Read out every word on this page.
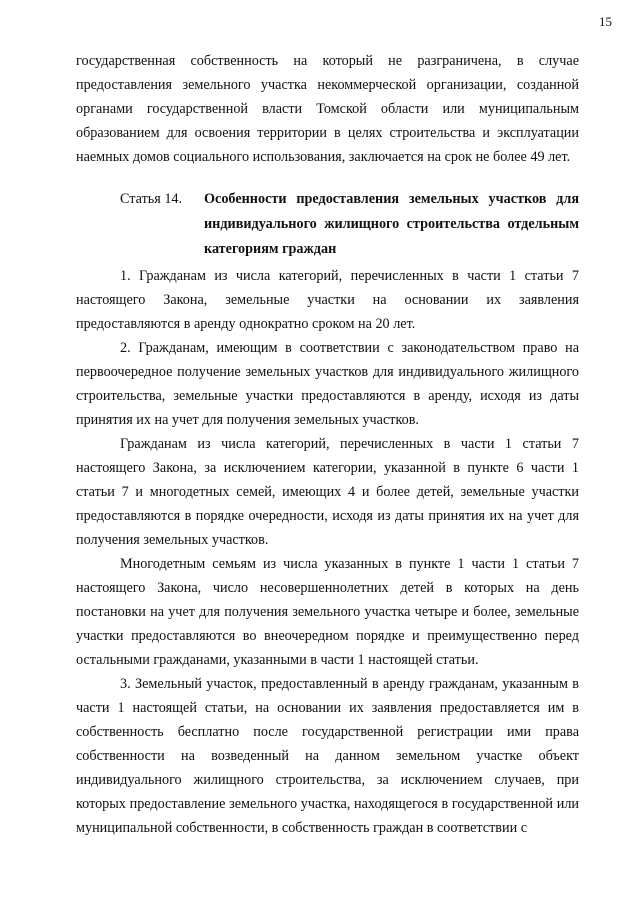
15

государственная собственность на который не разграничена, в случае предоставления земельного участка некоммерческой организации, созданной органами государственной власти Томской области или муниципальным образованием для освоения территории в целях строительства и эксплуатации наемных домов социального использования, заключается на срок не более 49 лет.

Статья 14.	Особенности предоставления земельных участков для индивидуального жилищного строительства отдельным категориям граждан

1. Гражданам из числа категорий, перечисленных в части 1 статьи 7 настоящего Закона, земельные участки на основании их заявления предоставляются в аренду однократно сроком на 20 лет.

2. Гражданам, имеющим в соответствии с законодательством право на первоочередное получение земельных участков для индивидуального жилищного строительства, земельные участки предоставляются в аренду, исходя из даты принятия их на учет для получения земельных участков.

Гражданам из числа категорий, перечисленных в части 1 статьи 7 настоящего Закона, за исключением категории, указанной в пункте 6 части 1 статьи 7 и многодетных семей, имеющих 4 и более детей, земельные участки предоставляются в порядке очередности, исходя из даты принятия их на учет для получения земельных участков.

Многодетным семьям из числа указанных в пункте 1 части 1 статьи 7 настоящего Закона, число несовершеннолетних детей в которых на день постановки на учет для получения земельного участка четыре и более, земельные участки предоставляются во внеочередном порядке и преимущественно перед остальными гражданами, указанными в части 1 настоящей статьи.

3. Земельный участок, предоставленный в аренду гражданам, указанным в части 1 настоящей статьи, на основании их заявления предоставляется им в собственность бесплатно после государственной регистрации ими права собственности на возведенный на данном земельном участке объект индивидуального жилищного строительства, за исключением случаев, при которых предоставление земельного участка, находящегося в государственной или муниципальной собственности, в собственность граждан в соответствии с
